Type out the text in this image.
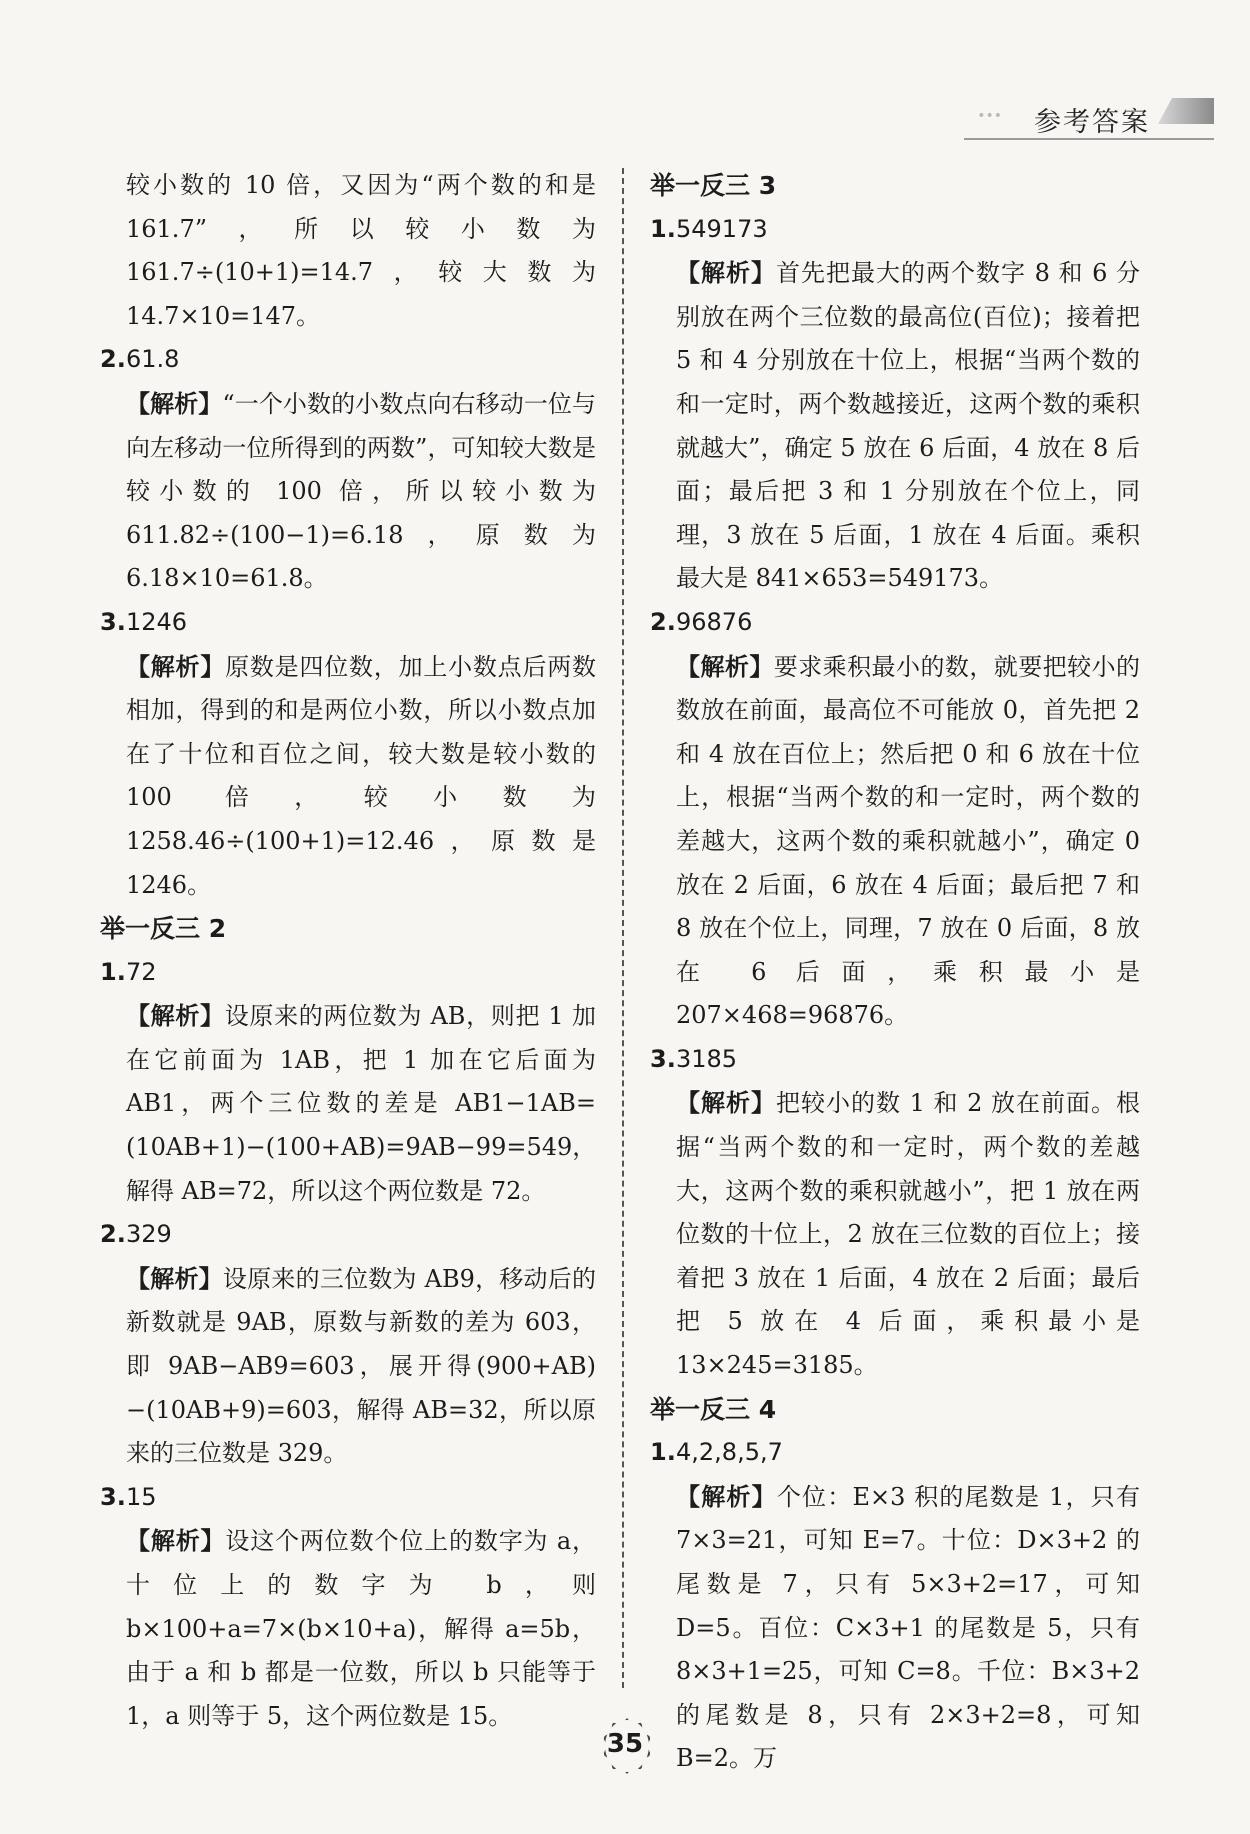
••• 参考答案
较小数的 10 倍，又因为“两个数的和是 161.7”，所以较小数为 161.7÷(10+1)=14.7，较大数为 14.7×10=147。
2. 61.8
【解析】“一个小数的小数点向右移动一位与向左移动一位所得到的两数”，可知较大数是较小数的 100 倍，所以较小数为 611.82÷(100−1)=6.18，原数为 6.18×10=61.8。
3. 1246
【解析】原数是四位数，加上小数点后两数相加，得到的和是两位小数，所以小数点加在了十位和百位之间，较大数是较小数的 100 倍，较小数为 1258.46÷(100+1)=12.46，原数是 1246。
举一反三 2
1. 72
【解析】设原来的两位数为 AB，则把 1 加在它前面为 1AB，把 1 加在它后面为 AB1，两个三位数的差是 AB1−1AB=(10AB+1)−(100+AB)=9AB−99=549，解得 AB=72，所以这个两位数是 72。
2. 329
【解析】设原来的三位数为 AB9，移动后的新数就是 9AB，原数与新数的差为 603，即 9AB−AB9=603，展开得(900+AB)−(10AB+9)=603，解得 AB=32，所以原来的三位数是 329。
3. 15
【解析】设这个两位数个位上的数字为 a，十位上的数字为 b，则 b×100+a=7×(b×10+a)，解得 a=5b，由于 a 和 b 都是一位数，所以 b 只能等于 1，a 则等于 5，这个两位数是 15。
举一反三 3
1. 549173
【解析】首先把最大的两个数字 8 和 6 分别放在两个三位数的最高位(百位)；接着把 5 和 4 分别放在十位上，根据“当两个数的和一定时，两个数越接近，这两个数的乘积就越大”，确定 5 放在 6 后面，4 放在 8 后面；最后把 3 和 1 分别放在个位上，同理，3 放在 5 后面，1 放在 4 后面。乘积最大是 841×653=549173。
2. 96876
【解析】要求乘积最小的数，就要把较小的数放在前面，最高位不可能放 0，首先把 2 和 4 放在百位上；然后把 0 和 6 放在十位上，根据“当两个数的和一定时，两个数的差越大，这两个数的乘积就越小”，确定 0 放在 2 后面，6 放在 4 后面；最后把 7 和 8 放在个位上，同理，7 放在 0 后面，8 放在 6 后面，乘积最小是 207×468=96876。
3. 3185
【解析】把较小的数 1 和 2 放在前面。根据“当两个数的和一定时，两个数的差越大，这两个数的乘积就越小”，把 1 放在两位数的十位上，2 放在三位数的百位上；接着把 3 放在 1 后面，4 放在 2 后面；最后把 5 放在 4 后面，乘积最小是 13×245=3185。
举一反三 4
1. 4,2,8,5,7
【解析】个位：E×3 积的尾数是 1，只有 7×3=21，可知 E=7。十位：D×3+2 的尾数是 7，只有 5×3+2=17，可知 D=5。百位：C×3+1 的尾数是 5，只有 8×3+1=25，可知 C=8。千位：B×3+2 的尾数是 8，只有 2×3+2=8，可知 B=2。万
35
